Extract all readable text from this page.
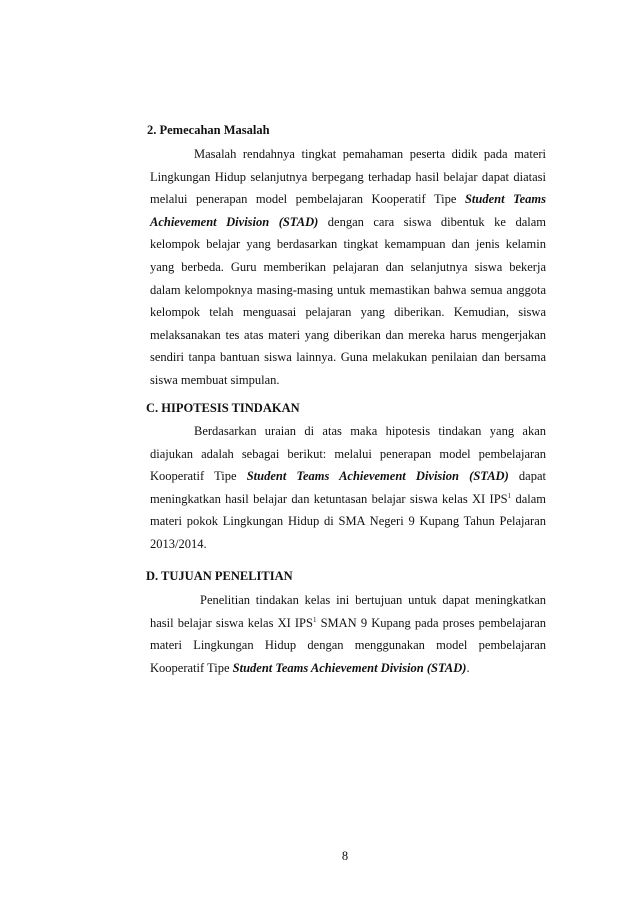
2. Pemecahan Masalah
Masalah rendahnya tingkat pemahaman peserta didik pada materi Lingkungan Hidup selanjutnya berpegang terhadap hasil belajar dapat diatasi melalui penerapan model pembelajaran Kooperatif Tipe Student Teams Achievement Division (STAD) dengan cara siswa dibentuk ke dalam kelompok belajar yang berdasarkan tingkat kemampuan dan jenis kelamin yang berbeda. Guru memberikan pelajaran dan selanjutnya siswa bekerja dalam kelompoknya masing-masing untuk memastikan bahwa semua anggota kelompok telah menguasai pelajaran yang diberikan. Kemudian, siswa melaksanakan tes atas materi yang diberikan dan mereka harus mengerjakan sendiri tanpa bantuan siswa lainnya. Guna melakukan penilaian dan bersama siswa membuat simpulan.
C. HIPOTESIS TINDAKAN
Berdasarkan uraian di atas maka hipotesis tindakan yang akan diajukan adalah sebagai berikut: melalui penerapan model pembelajaran Kooperatif Tipe Student Teams Achievement Division (STAD) dapat meningkatkan hasil belajar dan ketuntasan belajar siswa kelas XI IPS$^1$ dalam materi pokok Lingkungan Hidup di SMA Negeri 9 Kupang Tahun Pelajaran 2013/2014.
D. TUJUAN PENELITIAN
Penelitian tindakan kelas ini bertujuan untuk dapat meningkatkan hasil belajar siswa kelas XI IPS$^1$ SMAN 9 Kupang pada proses pembelajaran materi Lingkungan Hidup dengan menggunakan model pembelajaran Kooperatif Tipe Student Teams Achievement Division (STAD).
8
